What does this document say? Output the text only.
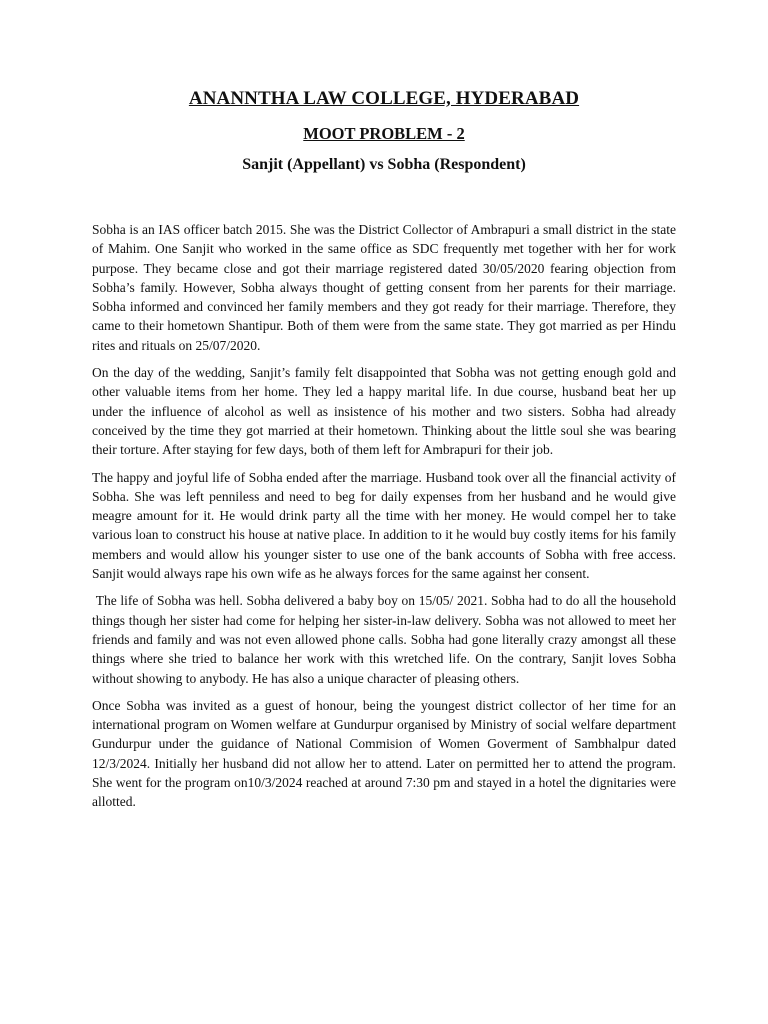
ANANNTHA LAW COLLEGE, HYDERABAD
MOOT PROBLEM - 2
Sanjit (Appellant) vs Sobha (Respondent)

Sobha is an IAS officer batch 2015. She was the District Collector of Ambrapuri a small district in the state of Mahim. One Sanjit who worked in the same office as SDC frequently met together with her for work purpose. They became close and got their marriage registered dated 30/05/2020 fearing objection from Sobha’s family. However, Sobha always thought of getting consent from her parents for their marriage. Sobha informed and convinced her family members and they got ready for their marriage. Therefore, they came to their hometown Shantipur. Both of them were from the same state. They got married as per Hindu rites and rituals on 25/07/2020.

On the day of the wedding, Sanjit’s family felt disappointed that Sobha was not getting enough gold and other valuable items from her home. They led a happy marital life. In due course, husband beat her up under the influence of alcohol as well as insistence of his mother and two sisters. Sobha had already conceived by the time they got married at their hometown. Thinking about the little soul she was bearing their torture. After staying for few days, both of them left for Ambrapuri for their job.

The happy and joyful life of Sobha ended after the marriage. Husband took over all the financial activity of Sobha. She was left penniless and need to beg for daily expenses from her husband and he would give meagre amount for it. He would drink party all the time with her money. He would compel her to take various loan to construct his house at native place. In addition to it he would buy costly items for his family members and would allow his younger sister to use one of the bank accounts of Sobha with free access. Sanjit would always rape his own wife as he always forces for the same against her consent.

The life of Sobha was hell. Sobha delivered a baby boy on 15/05/ 2021. Sobha had to do all the household things though her sister had come for helping her sister-in-law delivery. Sobha was not allowed to meet her friends and family and was not even allowed phone calls. Sobha had gone literally crazy amongst all these things where she tried to balance her work with this wretched life. On the contrary, Sanjit loves Sobha without showing to anybody. He has also a unique character of pleasing others.

Once Sobha was invited as a guest of honour, being the youngest district collector of her time for an international program on Women welfare at Gundurpur organised by Ministry of social welfare department Gundurpur under the guidance of National Commision of Women Goverment of Sambhalpur dated 12/3/2024. Initially her husband did not allow her to attend. Later on permitted her to attend the program. She went for the program on10/3/2024 reached at around 7:30 pm and stayed in a hotel the dignitaries were allotted.
